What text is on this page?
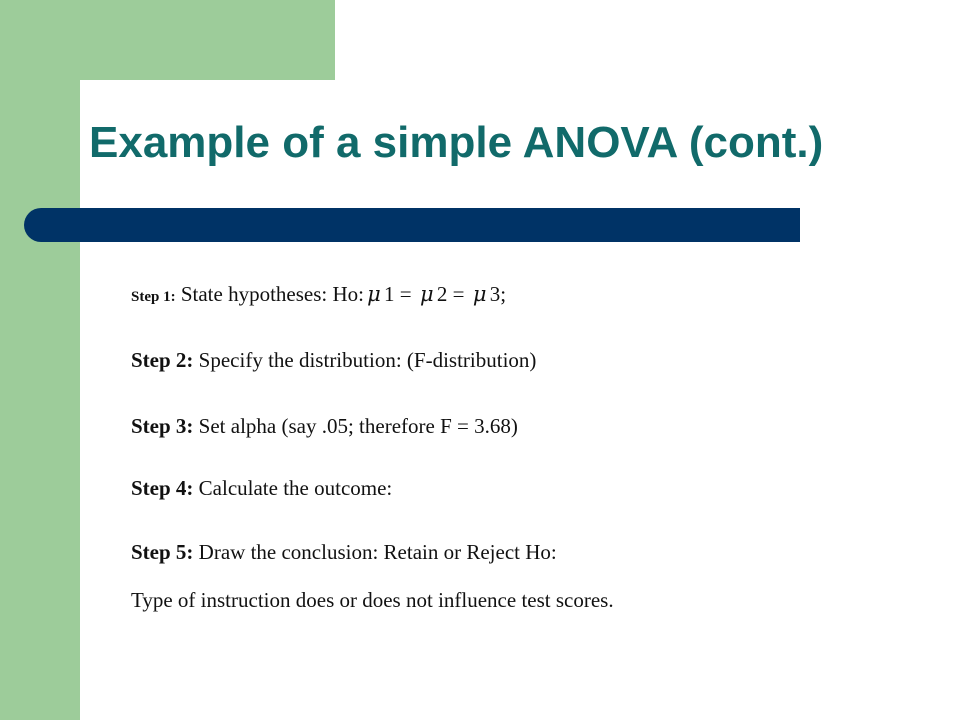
Example of a simple ANOVA (cont.)
Step 1: State hypotheses: Ho: μ 1 = μ 2 = μ 3;
Step 2: Specify the distribution: (F-distribution)
Step 3: Set alpha (say .05; therefore F = 3.68)
Step 4: Calculate the outcome:
Step 5: Draw the conclusion: Retain or Reject Ho:
Type of instruction does or does not influence test scores.
